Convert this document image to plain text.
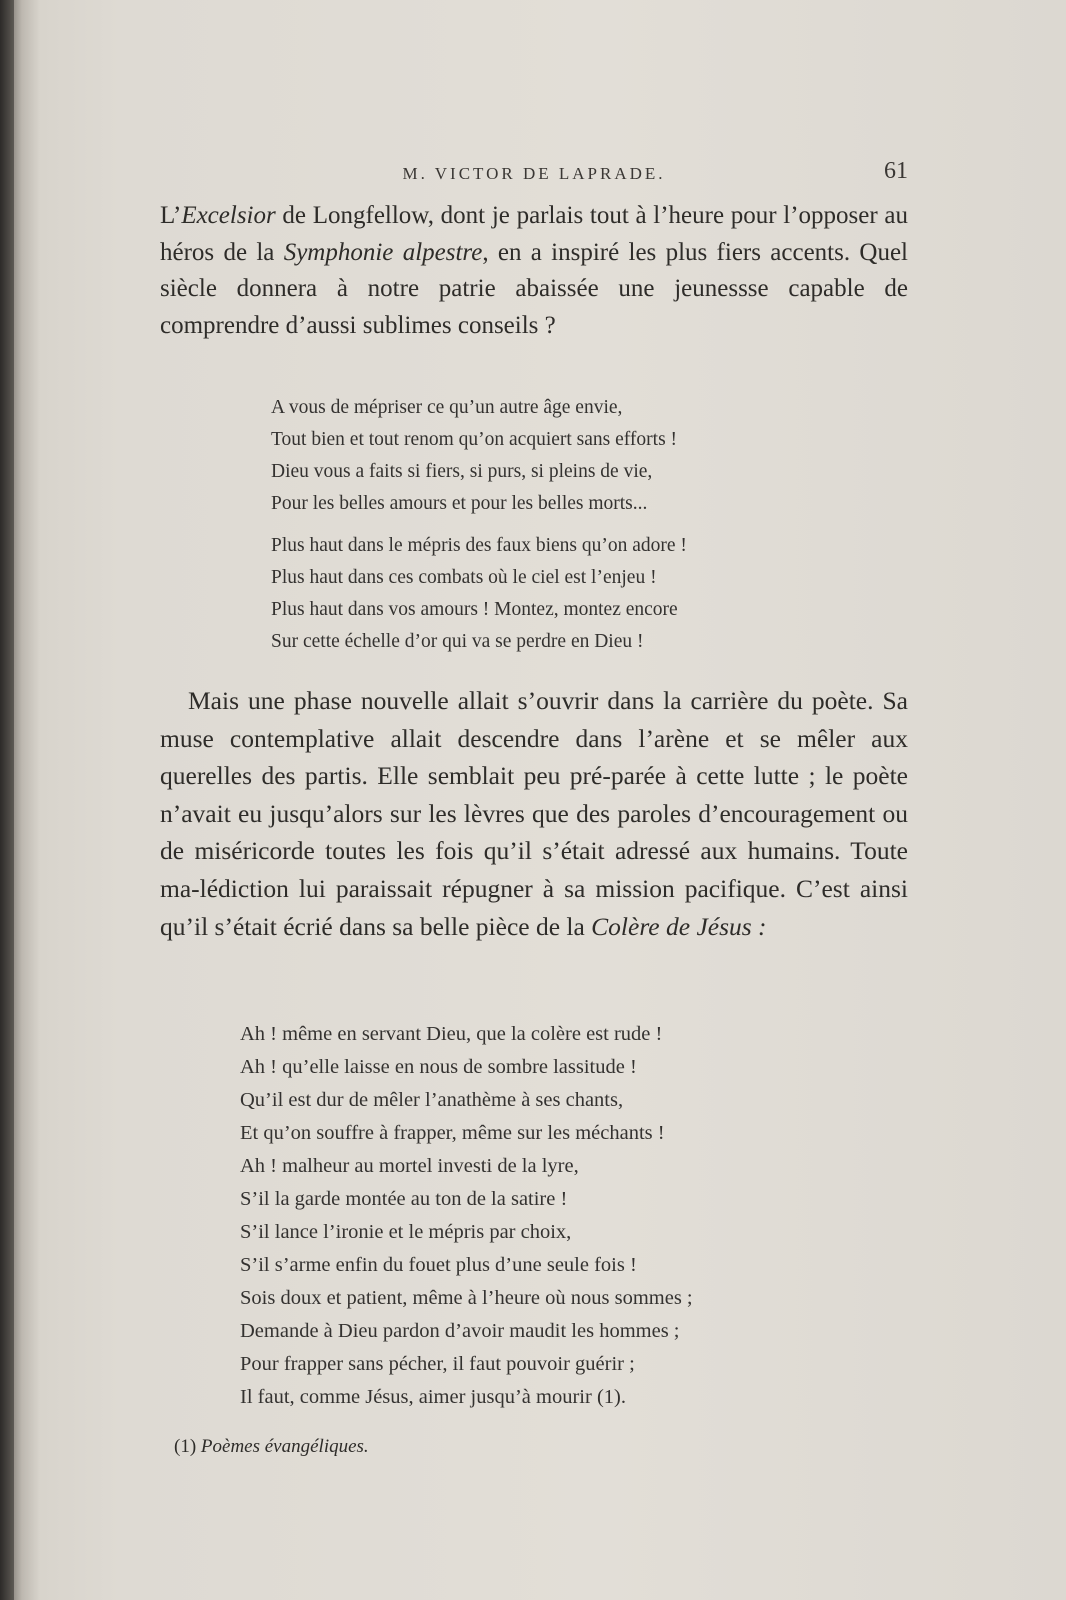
M. VICTOR DE LAPRADE.	61

L’Excelsior de Longfellow, dont je parlais tout à l’heure pour l’opposer au héros de la Symphonie alpestre, en a inspiré les plus fiers accents. Quel siècle donnera à notre patrie abaissée une jeunessse capable de comprendre d’aussi sublimes conseils ?

A vous de mépriser ce qu’un autre âge envie,
Tout bien et tout renom qu’on acquiert sans efforts !
Dieu vous a faits si fiers, si purs, si pleins de vie,
Pour les belles amours et pour les belles morts...
Plus haut dans le mépris des faux biens qu’on adore !
Plus haut dans ces combats où le ciel est l’enjeu !
Plus haut dans vos amours ! Montez, montez encore
Sur cette échelle d’or qui va se perdre en Dieu !

Mais une phase nouvelle allait s’ouvrir dans la carrière du poète. Sa muse contemplative allait descendre dans l’arène et se mêler aux querelles des partis. Elle semblait peu pré-parée à cette lutte ; le poète n’avait eu jusqu’alors sur les lèvres que des paroles d’encouragement ou de miséricorde toutes les fois qu’il s’était adressé aux humains. Toute ma-lédiction lui paraissait répugner à sa mission pacifique. C’est ainsi qu’il s’était écrié dans sa belle pièce de la Colère de Jésus :

Ah ! même en servant Dieu, que la colère est rude !
Ah ! qu’elle laisse en nous de sombre lassitude !
Qu’il est dur de mêler l’anathème à ses chants,
Et qu’on souffre à frapper, même sur les méchants !
Ah ! malheur au mortel investi de la lyre,
S’il la garde montée au ton de la satire !
S’il lance l’ironie et le mépris par choix,
S’il s’arme enfin du fouet plus d’une seule fois !
Sois doux et patient, même à l’heure où nous sommes ;
Demande à Dieu pardon d’avoir maudit les hommes ;
Pour frapper sans pécher, il faut pouvoir guérir ;
Il faut, comme Jésus, aimer jusqu’à mourir (1).
(1) Poèmes évangéliques.
